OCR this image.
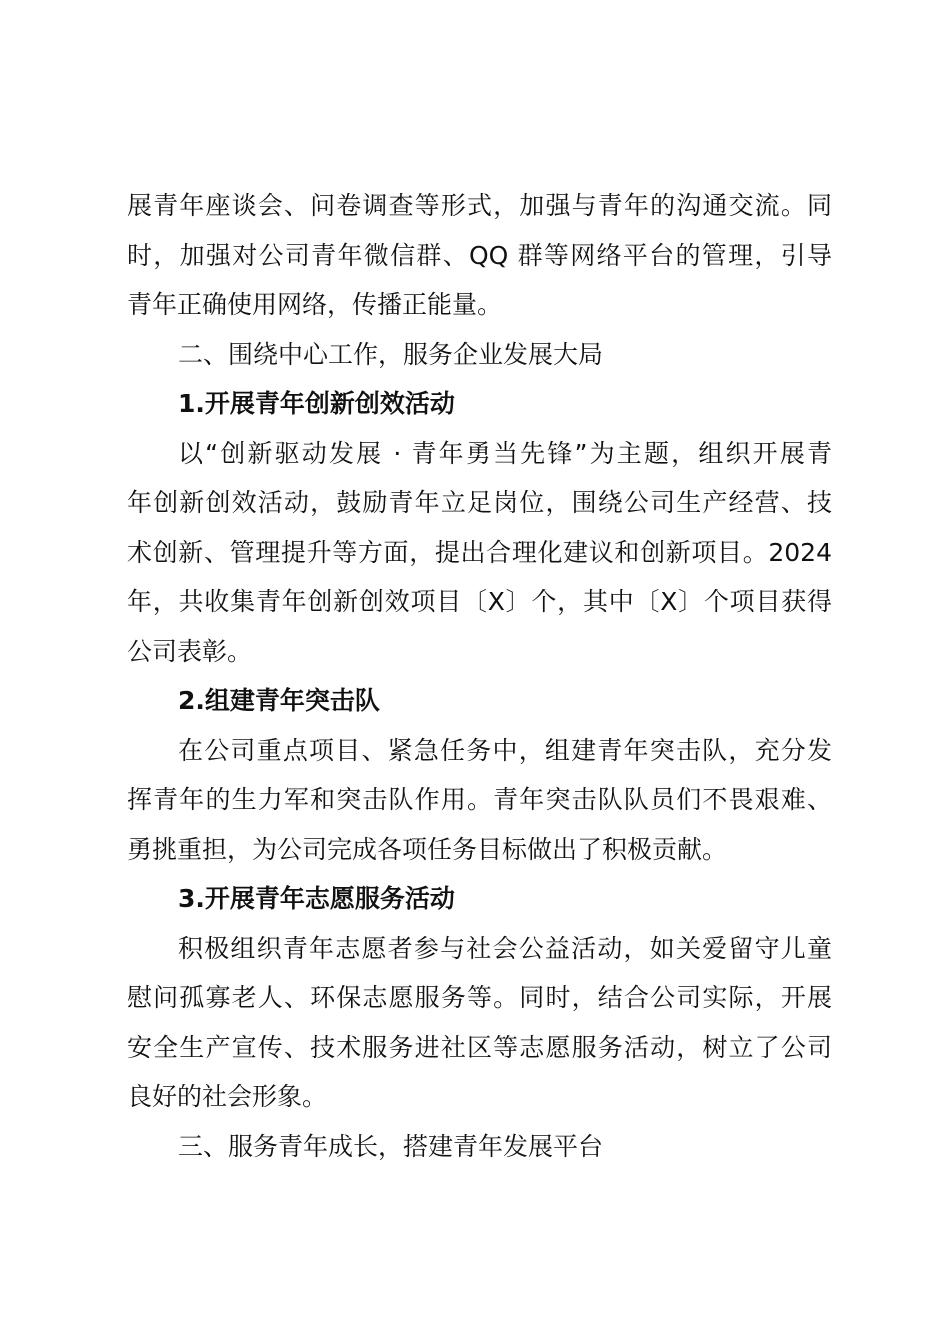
展青年座谈会、问卷调查等形式，加强与青年的沟通交流。同
时，加强对公司青年微信群、QQ 群等网络平台的管理，引导
青年正确使用网络，传播正能量。
二、围绕中心工作，服务企业发展大局
1.开展青年创新创效活动
以“创新驱动发展 · 青年勇当先锋”为主题，组织开展青
年创新创效活动，鼓励青年立足岗位，围绕公司生产经营、技
术创新、管理提升等方面，提出合理化建议和创新项目。2024
年，共收集青年创新创效项目〔X〕个，其中〔X〕个项目获得
公司表彰。
2.组建青年突击队
在公司重点项目、紧急任务中，组建青年突击队，充分发
挥青年的生力军和突击队作用。青年突击队队员们不畏艰难、
勇挑重担，为公司完成各项任务目标做出了积极贡献。
3.开展青年志愿服务活动
积极组织青年志愿者参与社会公益活动，如关爱留守儿童
慰问孤寡老人、环保志愿服务等。同时，结合公司实际，开展
安全生产宣传、技术服务进社区等志愿服务活动，树立了公司
良好的社会形象。
三、服务青年成长，搭建青年发展平台
